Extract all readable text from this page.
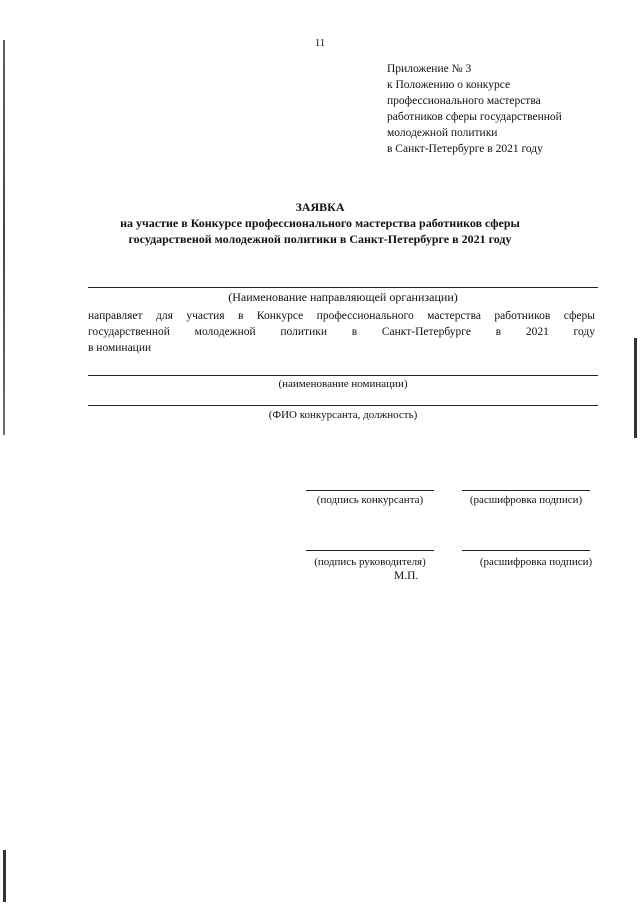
11
Приложение № 3
к Положению о конкурсе
профессионального мастерства
работников сферы государственной
молодежной политики
в Санкт-Петербурге в 2021 году
ЗАЯВКА
на участие в Конкурсе профессионального мастерства работников сферы
государственой молодежной политики в Санкт-Петербурге в 2021 году
(Наименование направляющей организации)
направляет для участия в Конкурсе профессионального мастерства работников сферы
государственной молодежной политики в Санкт-Петербурге в 2021 году
в номинации
(наименование номинации)
(ФИО конкурсанта, должность)
(подпись конкурсанта)	(расшифровка подписи)
(подпись руководителя)	(расшифровка подписи)
М.П.
